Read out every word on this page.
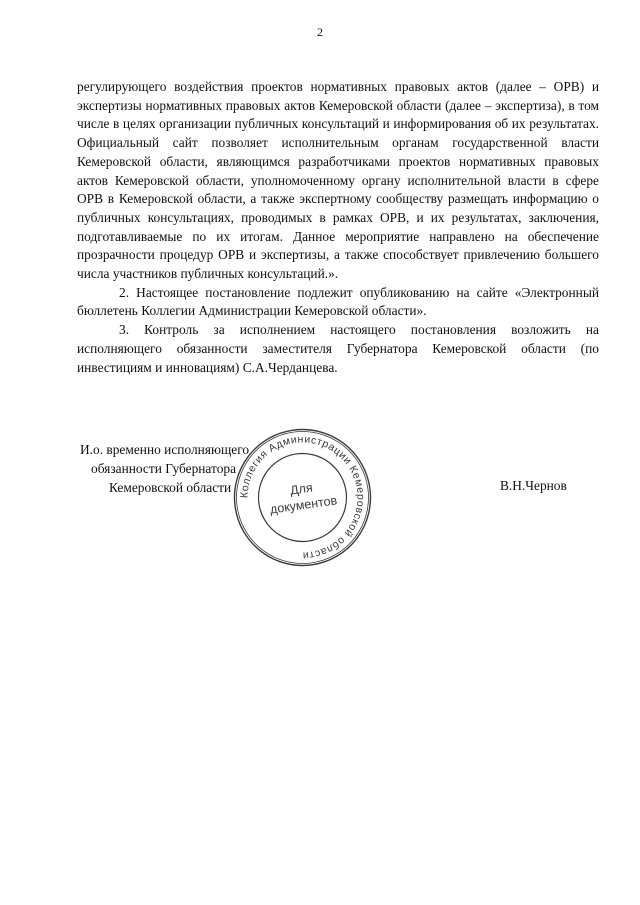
2

регулирующего воздействия проектов нормативных правовых актов (далее – ОРВ) и экспертизы нормативных правовых актов Кемеровской области (далее – экспертиза), в том числе в целях организации публичных консультаций и информирования об их результатах. Официальный сайт позволяет исполнительным органам государственной власти Кемеровской области, являющимся разработчиками проектов нормативных правовых актов Кемеровской области, уполномоченному органу исполнительной власти в сфере ОРВ в Кемеровской области, а также экспертному сообществу размещать информацию о публичных консультациях, проводимых в рамках ОРВ, и их результатах, заключения, подготавливаемые по их итогам. Данное мероприятие направлено на обеспечение прозрачности процедур ОРВ и экспертизы, а также способствует привлечению большего числа участников публичных консультаций.».

2. Настоящее постановление подлежит опубликованию на сайте «Электронный бюллетень Коллегии Администрации Кемеровской области».

3. Контроль за исполнением настоящего постановления возложить на исполняющего обязанности заместителя Губернатора Кемеровской области (по инвестициям и инновациям) С.А.Черданцева.

И.о. временно исполняющего
обязанности Губернатора
Кемеровской области	В.Н.Чернов
Коллегия Администрации Кемеровской области
Для
документов
